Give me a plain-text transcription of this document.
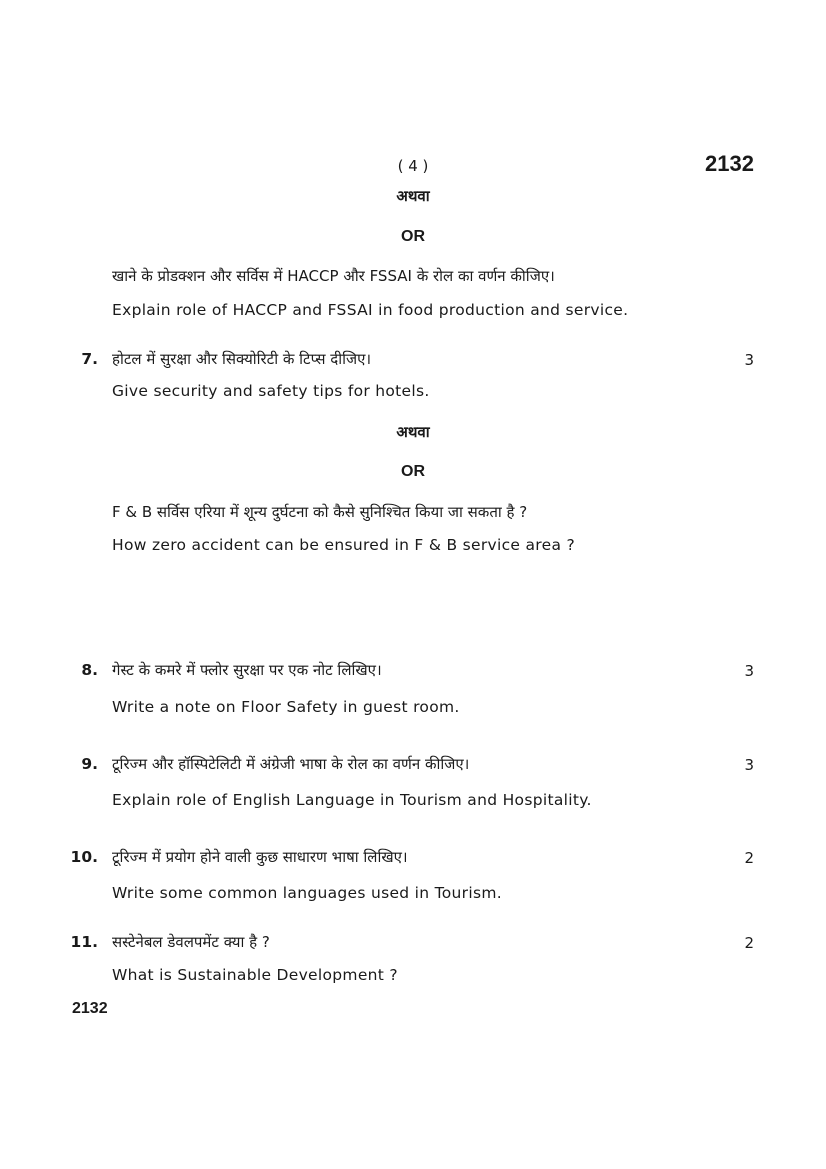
( 4 )	2132
अथवा
OR
खाने के प्रोडक्शन और सर्विस में HACCP और FSSAI के रोल का वर्णन कीजिए।
Explain role of HACCP and FSSAI in food production and service.
7. होटल में सुरक्षा और सिक्योरिटी के टिप्स दीजिए।	3
Give security and safety tips for hotels.
अथवा
OR
F & B सर्विस एरिया में शून्य दुर्घटना को कैसे सुनिश्चित किया जा सकता है ?
How zero accident can be ensured in F & B service area ?
8. गेस्ट के कमरे में फ्लोर सुरक्षा पर एक नोट लिखिए।	3
Write a note on Floor Safety in guest room.
9. टूरिज्म और हॉस्पिटेलिटी में अंग्रेजी भाषा के रोल का वर्णन कीजिए।	3
Explain role of English Language in Tourism and Hospitality.
10. टूरिज्म में प्रयोग होने वाली कुछ साधारण भाषा लिखिए।	2
Write some common languages used in Tourism.
11. सस्टेनेबल डेवलपमेंट क्या है ?	2
What is Sustainable Development ?
2132
